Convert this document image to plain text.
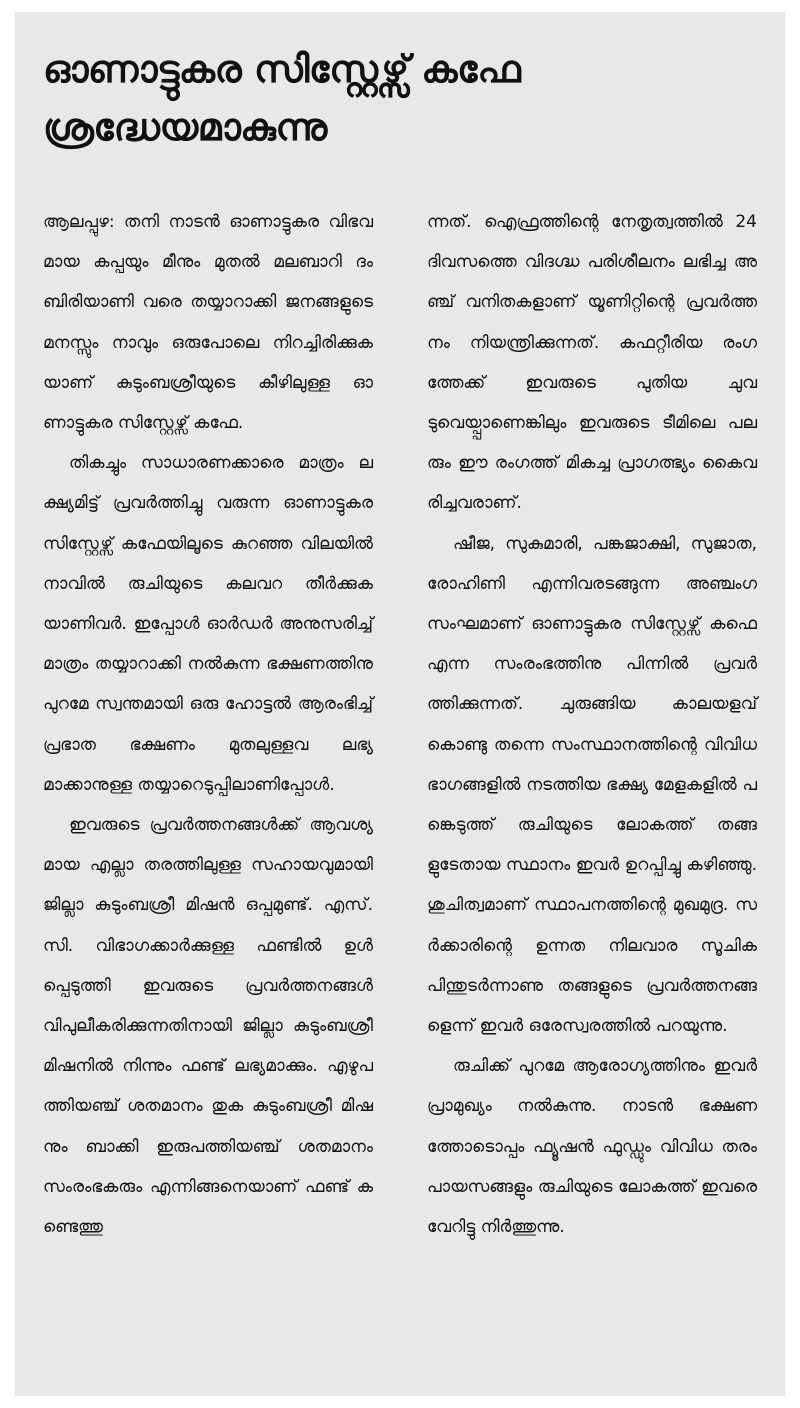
ഓണാട്ടുകര സിസ്റ്റേഴ്സ് കഫേ
ശ്രദ്ധേയമാകുന്നു

ആലപ്പുഴ: തനി നാടൻ ഓണാട്ടുകര വിഭവമായ കപ്പയും മീനും മുതൽ മലബാറി ദം ബിരിയാണി വരെ തയ്യാറാക്കി ജനങ്ങളുടെ മനസ്സും നാവും ഒരുപോലെ നിറച്ചിരിക്കുകയാണ് കുടുംബശ്രീയുടെ കീഴിലുള്ള ഓണാട്ടുകര സിസ്റ്റേഴ്സ് കഫേ.

തികച്ചും സാധാരണക്കാരെ മാത്രം ലക്ഷ്യമിട്ട് പ്രവർത്തിച്ചു വരുന്ന ഓണാട്ടുകര സിസ്റ്റേഴ്സ് കഫേയിലൂടെ കുറഞ്ഞ വിലയിൽ നാവിൽ രുചിയുടെ കലവറ തീർക്കുകയാണിവർ. ഇപ്പോൾ ഓർഡർ അനുസരിച്ച് മാത്രം തയ്യാറാക്കി നൽകുന്ന ഭക്ഷണത്തിനു പുറമേ സ്വന്തമായി ഒരു ഹോട്ടൽ ആരംഭിച്ച് പ്രഭാത ഭക്ഷണം മുതലുള്ളവ ലഭ്യമാക്കാനുള്ള തയ്യാറെടുപ്പിലാണിപ്പോൾ.

ഇവരുടെ പ്രവർത്തനങ്ങൾക്ക് ആവശ്യമായ എല്ലാ തരത്തിലുള്ള സഹായവുമായി ജില്ലാ കുടുംബശ്രീ മിഷൻ ഒപ്പമുണ്ട്. എസ്.സി. വിഭാഗക്കാർക്കുള്ള ഫണ്ടിൽ ഉൾപ്പെടുത്തി ഇവരുടെ പ്രവർത്തനങ്ങൾ വിപുലീകരിക്കുന്നതിനായി ജില്ലാ കുടുംബശ്രീ മിഷനിൽ നിന്നും ഫണ്ട് ലഭ്യമാക്കും. എഴുപത്തിയഞ്ച് ശതമാനം തുക കുടുംബശ്രീ മിഷനും ബാക്കി ഇരുപത്തിയഞ്ച് ശതമാനം സംരംഭകരും എന്നിങ്ങനെയാണ് ഫണ്ട് കണ്ടെത്തു

ന്നത്. ഐഫ്രത്തിന്റെ നേതൃത്വത്തിൽ 24 ദിവസത്തെ വിദഗ്ദ്ധ പരിശീലനം ലഭിച്ച അഞ്ച് വനിതകളാണ് യൂണിറ്റിന്റെ പ്രവർത്തനം നിയന്ത്രിക്കുന്നത്. കഫറ്റീരിയ രംഗത്തേക്ക് ഇവരുടെ പുതിയ ചുവടുവെയ്പ്പാണെങ്കിലും ഇവരുടെ ടീമിലെ പലരും ഈ രംഗത്ത് മികച്ച പ്രാഗത്ഭ്യം കൈവരിച്ചവരാണ്.

ഷീജ, സുകുമാരി, പങ്കജാക്ഷി, സുജാത, രോഹിണി എന്നിവരടങ്ങുന്ന അഞ്ചംഗ സംഘമാണ് ഓണാട്ടുകര സിസ്റ്റേഴ്സ് കഫെ എന്ന സംരംഭത്തിനു പിന്നിൽ പ്രവർത്തിക്കുന്നത്. ചുരുങ്ങിയ കാലയളവ് കൊണ്ടു തന്നെ സംസ്ഥാനത്തിന്റെ വിവിധ ഭാഗങ്ങളിൽ നടത്തിയ ഭക്ഷ്യ മേളകളിൽ പങ്കെടുത്ത് രുചിയുടെ ലോകത്ത് തങ്ങളുടേതായ സ്ഥാനം ഇവർ ഉറപ്പിച്ചു കഴിഞ്ഞു. ശുചിത്വമാണ് സ്ഥാപനത്തിന്റെ മുഖമുദ്ര. സർക്കാരിന്റെ ഉന്നത നിലവാര സൂചിക പിന്തുടർന്നാണു തങ്ങളുടെ പ്രവർത്തനങ്ങളെന്ന് ഇവർ ഒരേസ്വരത്തിൽ പറയുന്നു.

രുചിക്ക് പുറമേ ആരോഗ്യത്തിനും ഇവർ പ്രാമുഖ്യം നൽകുന്നു. നാടൻ ഭക്ഷണത്തോടൊപ്പം ഫ്യൂഷൻ ഫുഡ്ഡും വിവിധ തരം പായസങ്ങളും രുചിയുടെ ലോകത്ത് ഇവരെ വേറിട്ടു നിർത്തുന്നു.
